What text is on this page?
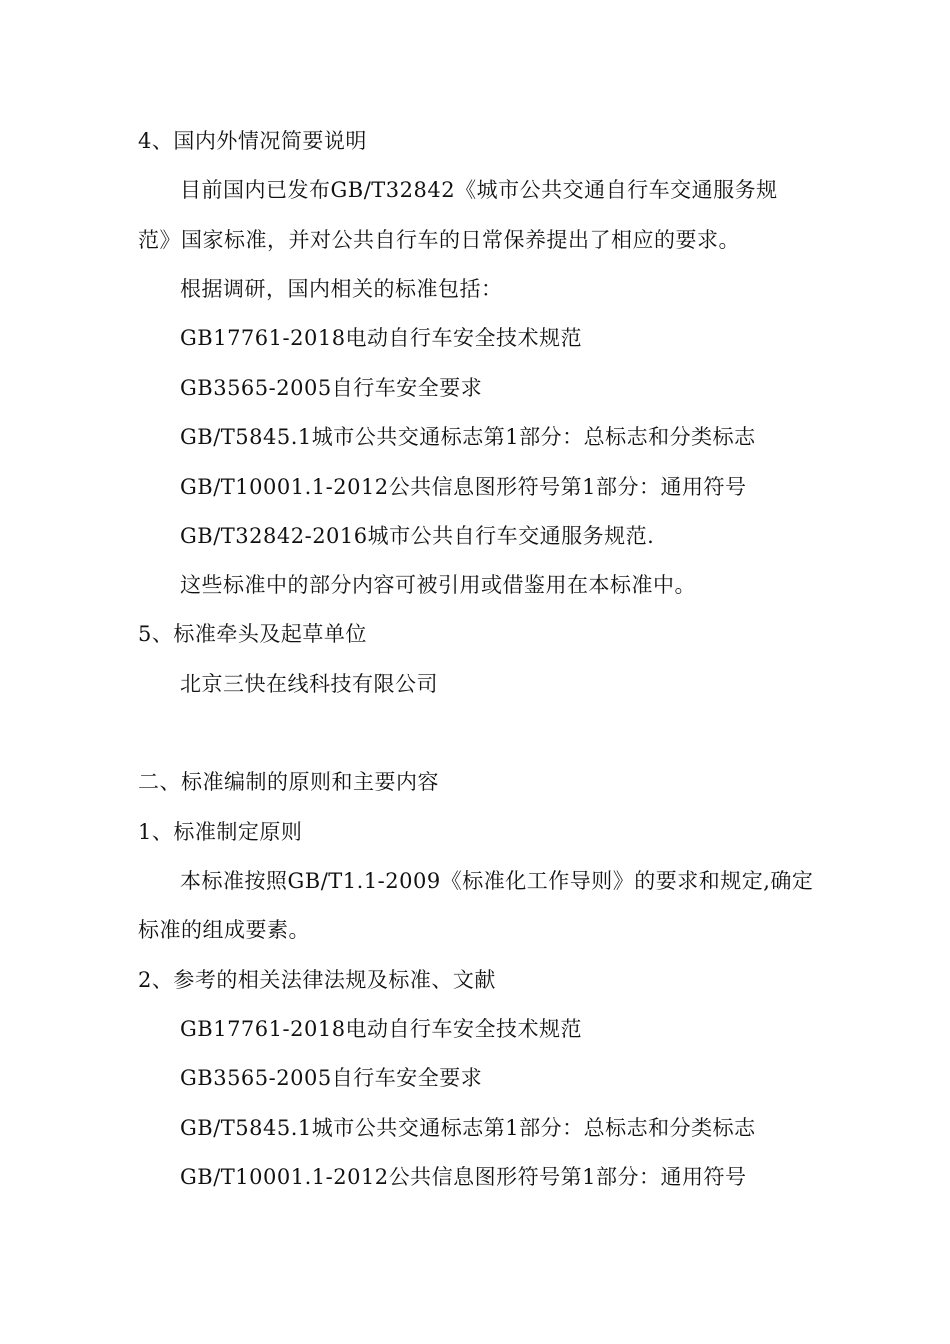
4、国内外情况简要说明
目前国内已发布GB/T32842《城市公共交通自行车交通服务规
范》国家标准，并对公共自行车的日常保养提出了相应的要求。
根据调研，国内相关的标准包括：
GB17761-2018电动自行车安全技术规范
GB3565-2005自行车安全要求
GB/T5845.1城市公共交通标志第1部分：总标志和分类标志
GB/T10001.1-2012公共信息图形符号第1部分：通用符号
GB/T32842-2016城市公共自行车交通服务规范.
这些标准中的部分内容可被引用或借鉴用在本标准中。
5、标准牵头及起草单位
北京三快在线科技有限公司
二、标准编制的原则和主要内容
1、标准制定原则
本标准按照GB/T1.1-2009《标准化工作导则》的要求和规定,确定
标准的组成要素。
2、参考的相关法律法规及标准、文献
GB17761-2018电动自行车安全技术规范
GB3565-2005自行车安全要求
GB/T5845.1城市公共交通标志第1部分：总标志和分类标志
GB/T10001.1-2012公共信息图形符号第1部分：通用符号
